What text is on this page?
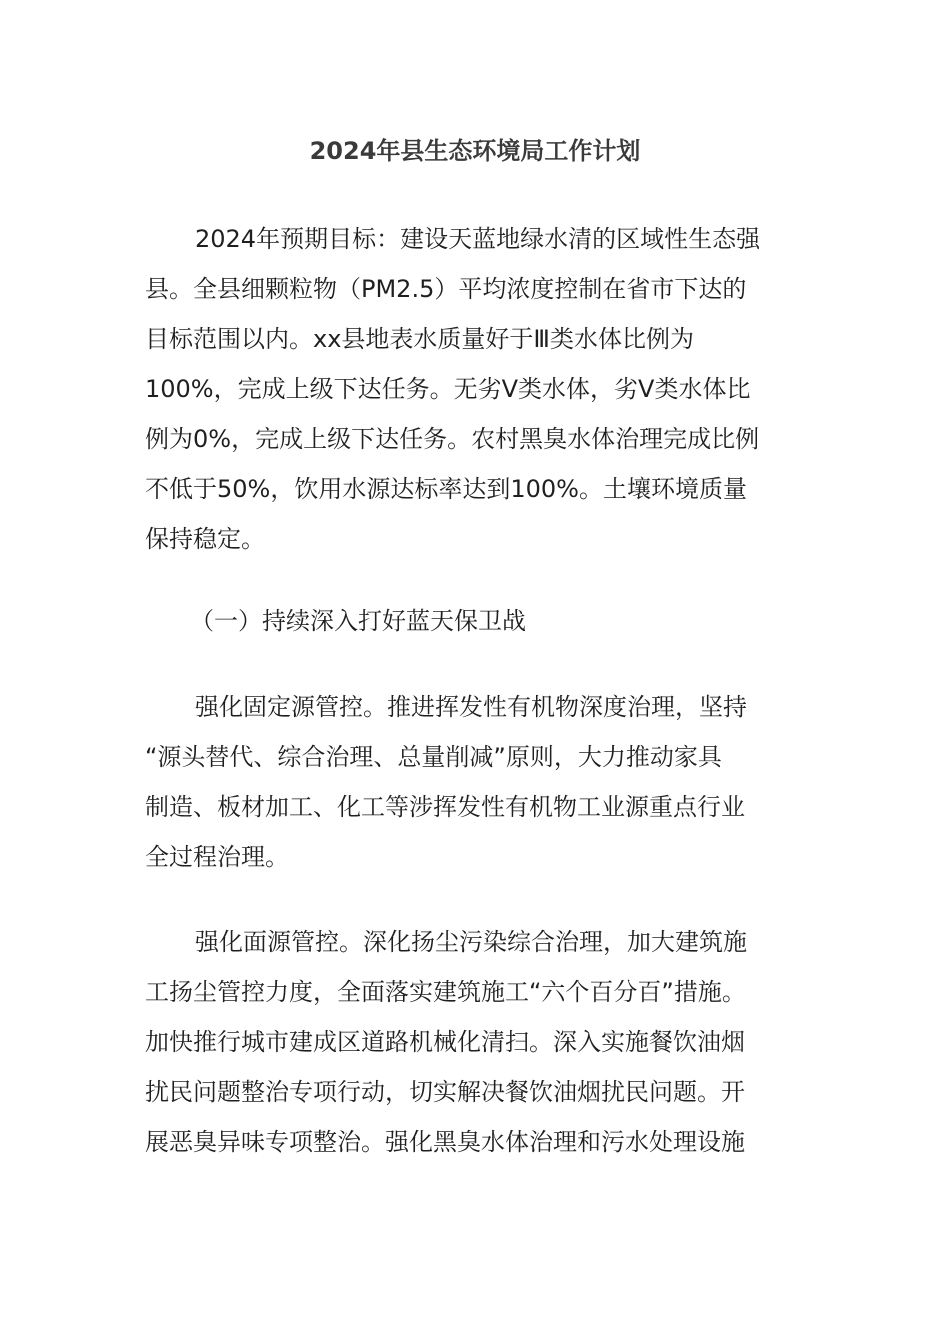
2024年县生态环境局工作计划
2024年预期目标：建设天蓝地绿水清的区域性生态强
县。全县细颗粒物（PM2.5）平均浓度控制在省市下达的
目标范围以内。xx县地表水质量好于Ⅲ类水体比例为
100%，完成上级下达任务。无劣Ⅴ类水体，劣Ⅴ类水体比
例为0%，完成上级下达任务。农村黑臭水体治理完成比例
不低于50%，饮用水源达标率达到100%。土壤环境质量
保持稳定。
（一）持续深入打好蓝天保卫战
强化固定源管控。推进挥发性有机物深度治理，坚持
“源头替代、综合治理、总量削减”原则，大力推动家具
制造、板材加工、化工等涉挥发性有机物工业源重点行业
全过程治理。
强化面源管控。深化扬尘污染综合治理，加大建筑施
工扬尘管控力度，全面落实建筑施工“六个百分百”措施。
加快推行城市建成区道路机械化清扫。深入实施餐饮油烟
扰民问题整治专项行动，切实解决餐饮油烟扰民问题。开
展恶臭异味专项整治。强化黑臭水体治理和污水处理设施
